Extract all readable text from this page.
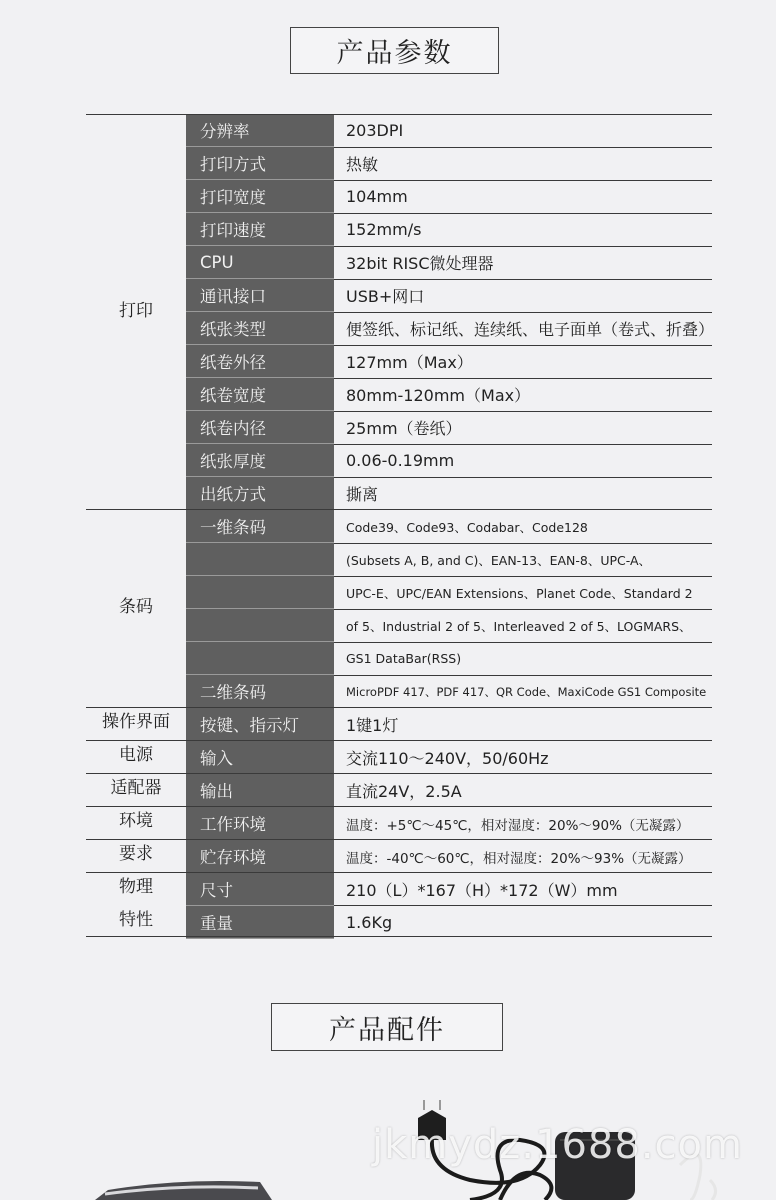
产品参数
打印
条码
操作界面
电源
适配器
环境
要求
物理
特性
分辨率
打印方式
打印宽度
打印速度
CPU
通讯接口
纸张类型
纸卷外径
纸卷宽度
纸卷内径
纸张厚度
出纸方式
一维条码
二维条码
按键、指示灯
输入
输出
工作环境
贮存环境
尺寸
重量
203DPI
热敏
104mm
152mm/s
32bit RISC微处理器
USB+网口
便签纸、标记纸、连续纸、电子面单（卷式、折叠）
127mm（Max）
80mm-120mm（Max）
25mm（卷纸）
0.06-0.19mm
撕离
Code39、Code93、Codabar、Code128
(Subsets A, B, and C)、EAN-13、EAN-8、UPC-A、
UPC-E、UPC/EAN Extensions、Planet Code、Standard 2
of 5、Industrial 2 of 5、Interleaved 2 of 5、LOGMARS、
GS1 DataBar(RSS)
MicroPDF 417、PDF 417、QR Code、MaxiCode GS1 Composite
1键1灯
交流110～240V，50/60Hz
直流24V，2.5A
温度：+5℃～45℃，相对湿度：20%～90%（无凝露）
温度：-40℃～60℃，相对湿度：20%～93%（无凝露）
210（L）*167（H）*172（W）mm
1.6Kg
产品配件
jkmydz.1688.com
